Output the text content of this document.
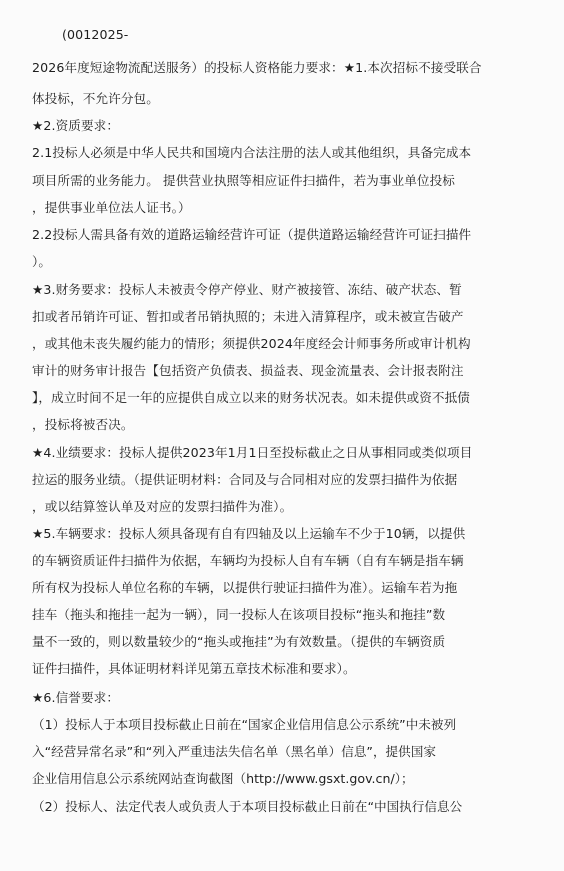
(0012025-
2026年度短途物流配送服务）的投标人资格能力要求：★1.本次招标不接受联合
体投标，不允许分包。
★2.资质要求：
2.1投标人必须是中华人民共和国境内合法注册的法人或其他组织，具备完成本
项目所需的业务能力。 提供营业执照等相应证件扫描件，若为事业单位投标
，提供事业单位法人证书。）
2.2投标人需具备有效的道路运输经营许可证（提供道路运输经营许可证扫描件
）。
★3.财务要求：投标人未被责令停产停业、财产被接管、冻结、破产状态、暂
扣或者吊销许可证、暂扣或者吊销执照的；未进入清算程序，或未被宣告破产
，或其他未丧失履约能力的情形；须提供2024年度经会计师事务所或审计机构
审计的财务审计报告【包括资产负债表、损益表、现金流量表、会计报表附注
】，成立时间不足一年的应提供自成立以来的财务状况表。如未提供或资不抵债
，投标将被否决。
★4.业绩要求：投标人提供2023年1月1日至投标截止之日从事相同或类似项目
拉运的服务业绩。（提供证明材料：合同及与合同相对应的发票扫描件为依据
，或以结算签认单及对应的发票扫描件为准）。
★5.车辆要求：投标人须具备现有自有四轴及以上运输车不少于10辆，以提供
的车辆资质证件扫描件为依据，车辆均为投标人自有车辆（自有车辆是指车辆
所有权为投标人单位名称的车辆，以提供行驶证扫描件为准）。运输车若为拖
挂车（拖头和拖挂一起为一辆），同一投标人在该项目投标“拖头和拖挂”数
量不一致的，则以数量较少的“拖头或拖挂”为有效数量。（提供的车辆资质
证件扫描件，具体证明材料详见第五章技术标准和要求）。
★6.信誉要求：
（1）投标人于本项目投标截止日前在“国家企业信用信息公示系统”中未被列
入“经营异常名录”和“列入严重违法失信名单（黑名单）信息”，提供国家
企业信用信息公示系统网站查询截图（http://www.gsxt.gov.cn/）；
（2）投标人、法定代表人或负责人于本项目投标截止日前在“中国执行信息公
